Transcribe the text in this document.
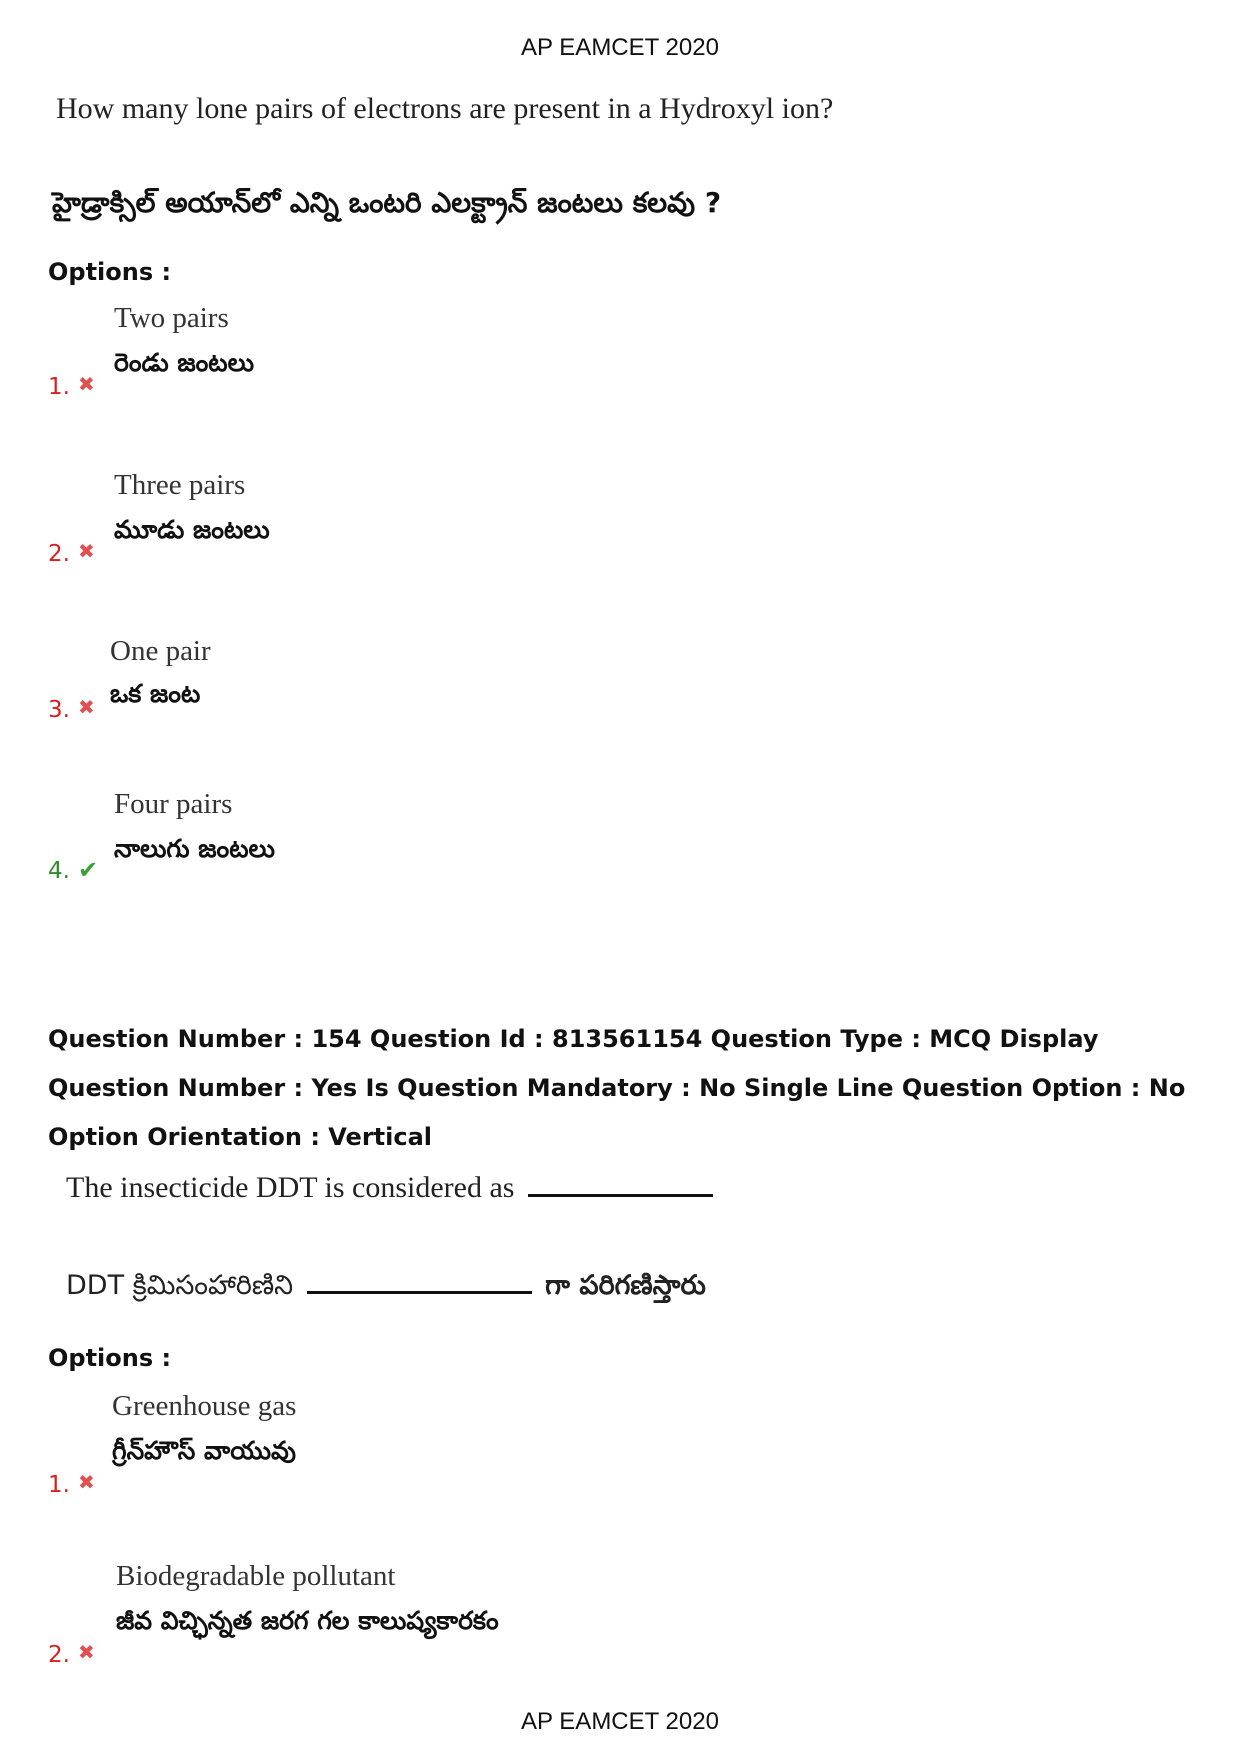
AP EAMCET 2020
How many lone pairs of electrons are present in a Hydroxyl ion?
హైడ్రాక్సిల్ అయాన్‌లో ఎన్ని ఒంటరి ఎలక్ట్రాన్ జంటలు కలవు ?
Options :
Two pairs
రెండు జంటలు
1. ✖
Three pairs
మూడు జంటలు
2. ✖
One pair
ఒక జంట
3. ✖
Four pairs
నాలుగు జంటలు
4. ✔
Question Number : 154 Question Id : 813561154 Question Type : MCQ Display Question Number : Yes Is Question Mandatory : No Single Line Question Option : No Option Orientation : Vertical
The insecticide DDT is considered as
DDT క్రిమిసంహారిణిని	గా పరిగణిస్తారు
Options :
Greenhouse gas
గ్రీన్‌హౌస్ వాయువు
1. ✖
Biodegradable pollutant
జీవ విచ్ఛిన్నత జరగ గల కాలుష్యకారకం
2. ✖
AP EAMCET 2020
